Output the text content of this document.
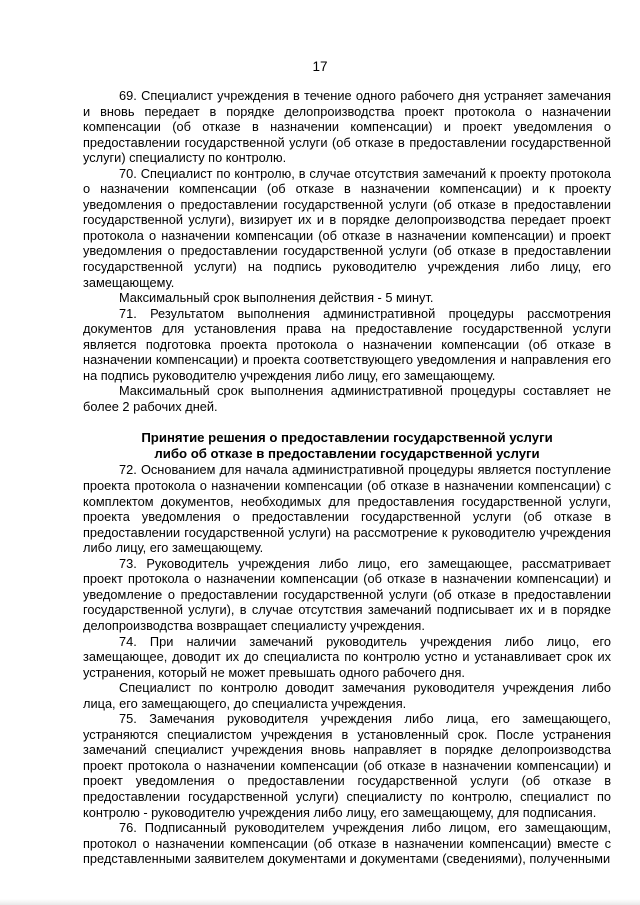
17

69. Специалист учреждения в течение одного рабочего дня устраняет замечания и вновь передает в порядке делопроизводства проект протокола о назначении компенсации (об отказе в назначении компенсации) и проект уведомления о предоставлении государственной услуги (об отказе в предоставлении государственной услуги) специалисту по контролю.

70. Специалист по контролю, в случае отсутствия замечаний к проекту протокола о назначении компенсации (об отказе в назначении компенсации) и к проекту уведомления о предоставлении государственной услуги (об отказе в предоставлении государственной услуги), визирует их и в порядке делопроизводства передает проект протокола о назначении компенсации (об отказе в назначении компенсации) и проект уведомления о предоставлении государственной услуги (об отказе в предоставлении государственной услуги) на подпись руководителю учреждения либо лицу, его замещающему.

Максимальный срок выполнения действия - 5 минут.

71. Результатом выполнения административной процедуры рассмотрения документов для установления права на предоставление государственной услуги является подготовка проекта протокола о назначении компенсации (об отказе в назначении компенсации) и проекта соответствующего уведомления и направления его на подпись руководителю учреждения либо лицу, его замещающему.

Максимальный срок выполнения административной процедуры составляет не более 2 рабочих дней.

Принятие решения о предоставлении государственной услуги
либо об отказе в предоставлении государственной услуги

72. Основанием для начала административной процедуры является поступление проекта протокола о назначении компенсации (об отказе в назначении компенсации) с комплектом документов, необходимых для предоставления государственной услуги, проекта уведомления о предоставлении государственной услуги (об отказе в предоставлении государственной услуги) на рассмотрение к руководителю учреждения либо лицу, его замещающему.

73. Руководитель учреждения либо лицо, его замещающее, рассматривает проект протокола о назначении компенсации (об отказе в назначении компенсации) и уведомление о предоставлении государственной услуги (об отказе в предоставлении государственной услуги), в случае отсутствия замечаний подписывает их и в порядке делопроизводства возвращает специалисту учреждения.

74. При наличии замечаний руководитель учреждения либо лицо, его замещающее, доводит их до специалиста по контролю устно и устанавливает срок их устранения, который не может превышать одного рабочего дня.

Специалист по контролю доводит замечания руководителя учреждения либо лица, его замещающего, до специалиста учреждения.

75. Замечания руководителя учреждения либо лица, его замещающего, устраняются специалистом учреждения в установленный срок. После устранения замечаний специалист учреждения вновь направляет в порядке делопроизводства проект протокола о назначении компенсации (об отказе в назначении компенсации) и проект уведомления о предоставлении государственной услуги (об отказе в предоставлении государственной услуги) специалисту по контролю, специалист по контролю - руководителю учреждения либо лицу, его замещающему, для подписания.

76. Подписанный руководителем учреждения либо лицом, его замещающим, протокол о назначении компенсации (об отказе в назначении компенсации) вместе с представленными заявителем документами и документами (сведениями), полученными
